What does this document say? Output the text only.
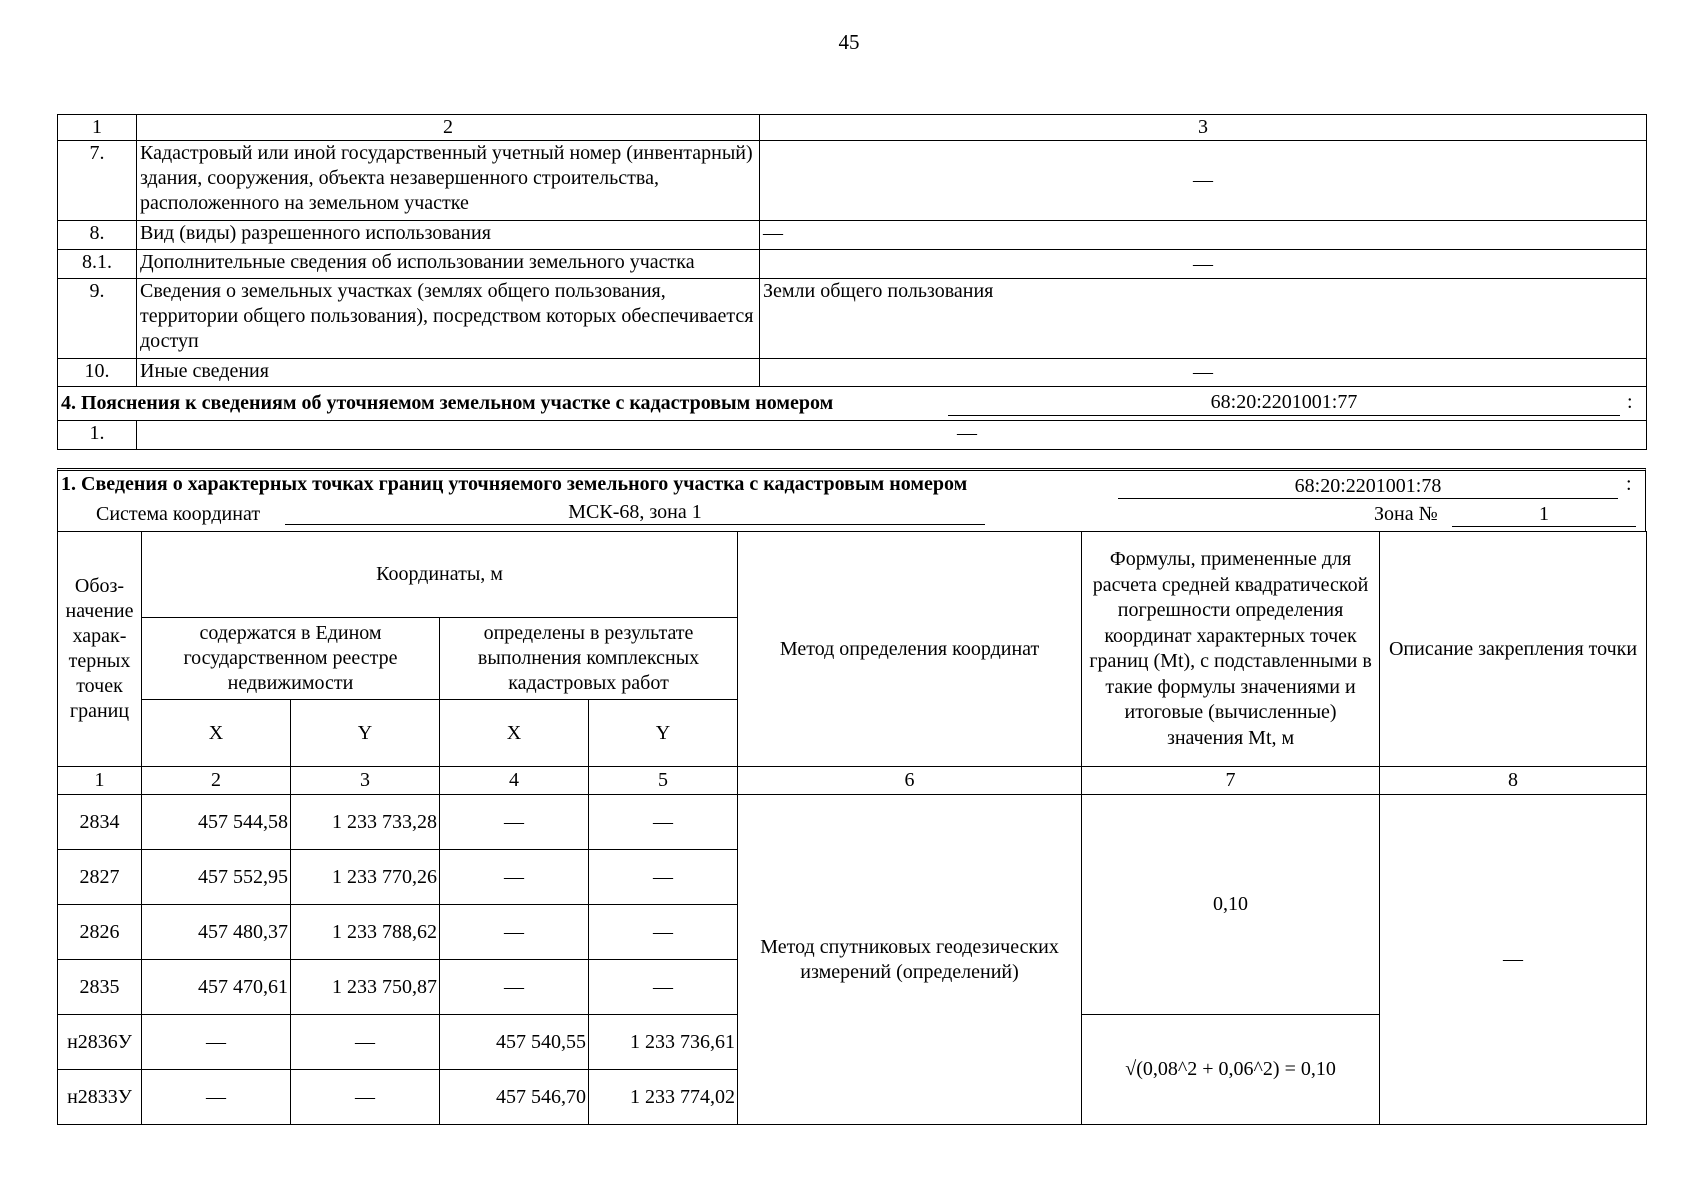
45
1	2	3
7.	Кадастровый или иной государственный учетный номер (инвентарный) здания, сооружения, объекта незавершенного строительства, расположенного на земельном участке	—
8.	Вид (виды) разрешенного использования	—
8.1.	Дополнительные сведения об использовании земельного участка	—
9.	Сведения о земельных участках (землях общего пользования, территории общего пользования), посредством которых обеспечивается доступ	Земли общего пользования
10.	Иные сведения	—
4. Пояснения к сведениям об уточняемом земельном участке с кадастровым номером 68:20:2201001:77 :		

1.	—	
1. Сведения о характерных точках границ уточняемого земельного участка с кадастровым номером	68:20:2201001:78	:
Система координат	МСК-68, зона 1	Зона №	1
Обоз-начение харак-терных точек границ	Координаты, м				Метод определения координат	Формулы, примененные для расчета средней квадратической погрешности определения координат характерных точек границ (Mt), с подставленными в такие формулы значениями и итоговые (вычисленные) значения Mt, м	Описание закрепления точки
	содержатся в Едином государственном реестре недвижимости		определены в результате выполнения комплексных кадастровых работ				
	X	Y	X	Y			
1	2	3	4	5	6	7	8
2834	457 544,58	1 233 733,28	—	—	Метод спутниковых геодезических измерений (определений)	0,10	—
2827	457 552,95	1 233 770,26	—	—			
2826	457 480,37	1 233 788,62	—	—			
2835	457 470,61	1 233 750,87	—	—			
н2836У	—	—	457 540,55	1 233 736,61		√(0,08^2 + 0,06^2) = 0,10	
н2833У	—	—	457 546,70	1 233 774,02			
